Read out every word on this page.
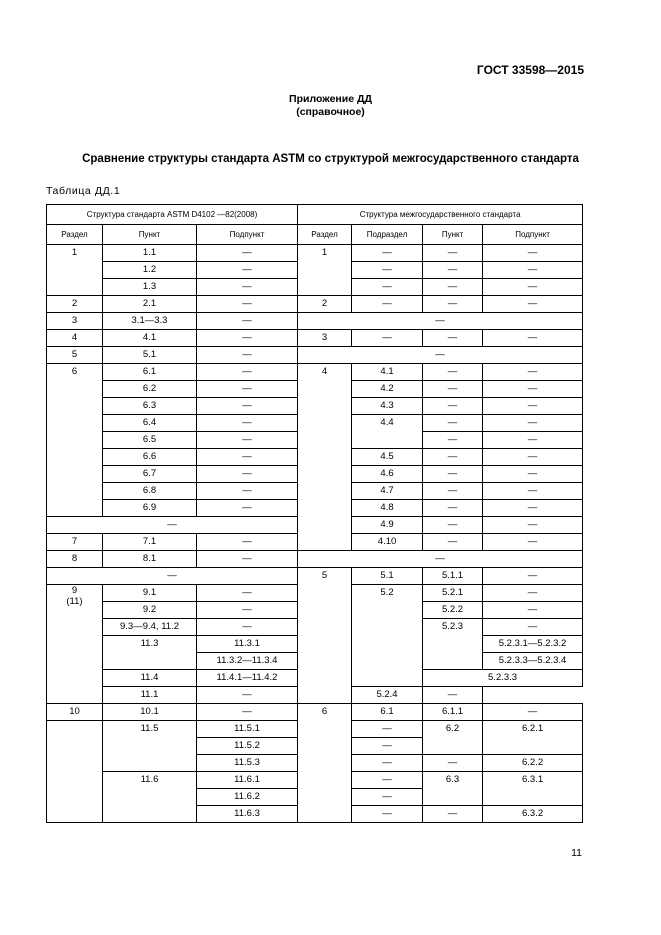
ГОСТ 33598—2015
Приложение ДД
(справочное)
Сравнение структуры стандарта ASTM со структурой межгосударственного стандарта
Таблица ДД.1
Структура стандарта ASTM D4102 —82(2008)			Структура межгосударственного стандарта				
Раздел	Пункт	Подпункт	Раздел	Подраздел	Пункт	Подпункт	
1	1.1	—	1	—	—	—	
	1.2	—		—	—	—	
	1.3	—		—	—	—	
2	2.1	—	2	—	—	—	
3	3.1—3.3	—	—				
4	4.1	—	3	—	—	—	
5	5.1	—	—				
6	6.1	—	4	4.1	—	—	
	6.2	—		4.2	—	—	
	6.3	—		4.3	—	—	
	6.4	—		4.4	—	—	
	6.5	—			—	—	
	6.6	—		4.5	—	—	
	6.7	—		4.6	—	—	
	6.8	—		4.7	—	—	
	6.9	—		4.8	—	—	
—				4.9	—	—	
7	7.1	—		4.10	—	—	
8	8.1	—	—				
—			5	5.1	5.1.1	—	
9
(11)	9.1	—		5.2	5.2.1	—	
	9.2	—			5.2.2	—	
	9.3—9.4, 11.2	—			5.2.3	—	
	11.3	11.3.1				5.2.3.1—5.2.3.2	
		11.3.2—11.3.4				5.2.3.3—5.2.3.4	
	11.4	11.4.1—11.4.2			5.2.3.3		
	11.1	—		5.2.4	—		
10	10.1	—	6	6.1	6.1.1	—	
	11.5	11.5.1		—	6.2	6.2.1	
		11.5.2		—	
		11.5.3		—	—	6.2.2	
	11.6	11.6.1		—	6.3	6.3.1	
		11.6.2		—	
		11.6.3		—	—	6.3.2	
11
